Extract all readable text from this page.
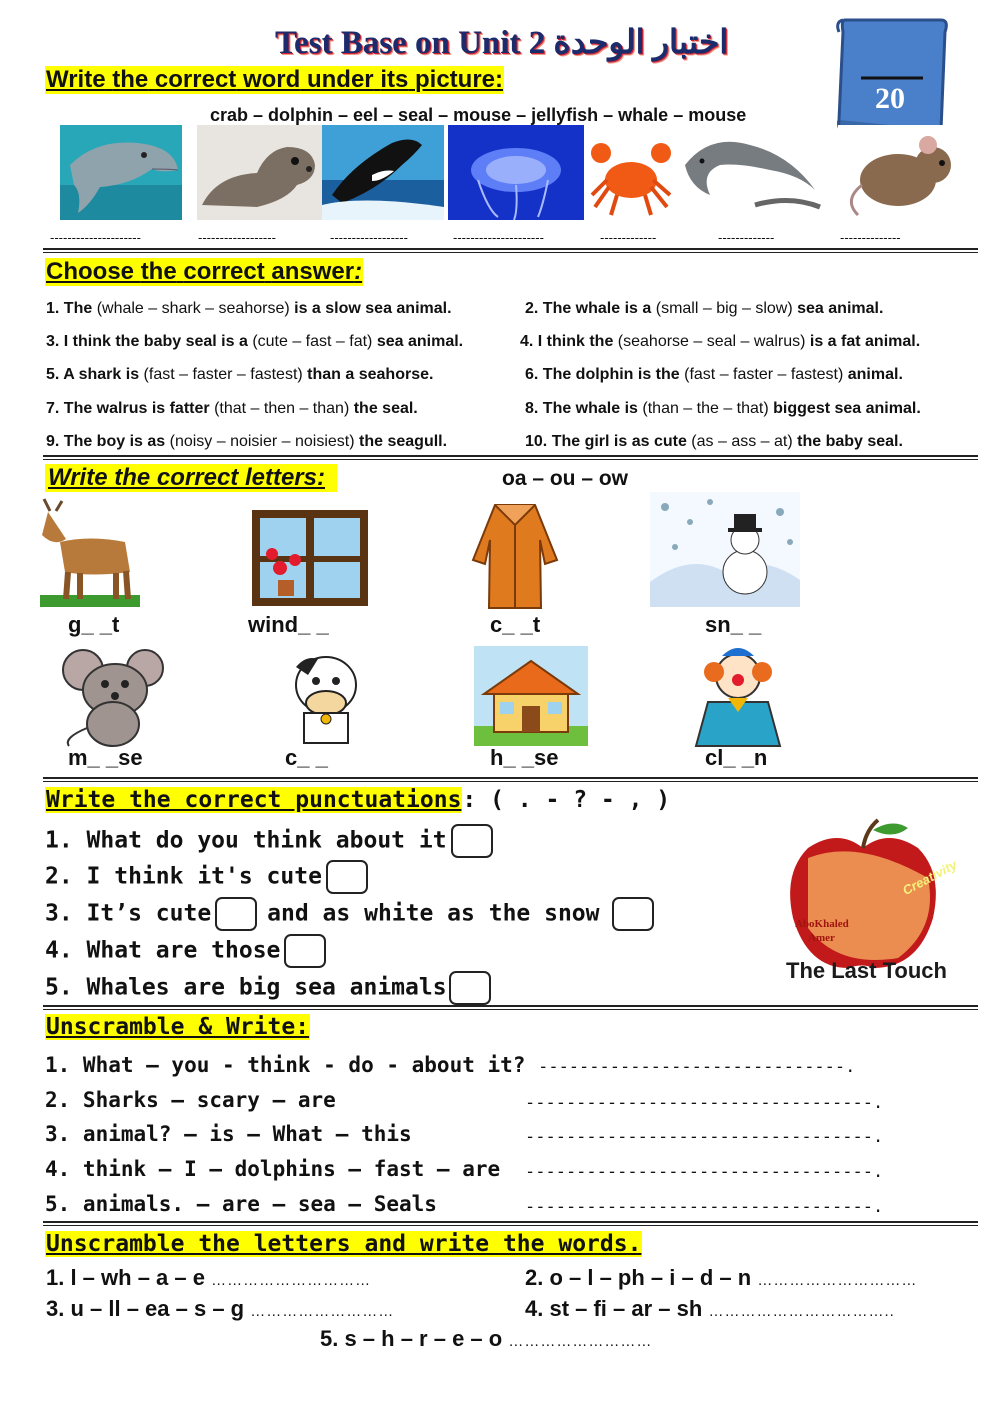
Test Base on Unit 2 اختبار الوحدة
20
Write the correct word under its picture:
crab – dolphin – eel – seal – mouse – jellyfish – whale – mouse
---------------------	------------------	------------------	---------------------	-------------	-------------	--------------
Choose the correct answer:
1. The (whale – shark – seahorse) is a slow sea animal.	2. The whale is a (small – big – slow) sea animal.
3. I think the baby seal is a (cute – fast – fat) sea animal.	4. I think the (seahorse – seal – walrus) is a fat animal.
5. A shark is (fast – faster – fastest) than a seahorse.	6. The dolphin is the (fast – faster – fastest) animal.
7. The walrus is fatter (that – then – than) the seal.	8. The whale is (than – the – that) biggest sea animal.
9. The boy is as (noisy – noisier – noisiest) the seagull.	10. The girl is as cute (as – ass – at) the baby seal.
Write the correct letters:	oa – ou – ow
g_ _t	wind_ _	c_ _t	sn_ _
m_ _se	c_ _	h_ _se	cl_ _n
Write the correct punctuations: ( . - ? - , )
1. What do you think about it
2. I think it's cute
3. It’s cute and as white as the snow
4. What are those
5. Whales are big sea animals
Creativity
AboKhaled
Amer
The Last Touch
Unscramble & Write:
1. What – you - think - do - about it? ------------------------------.
2. Sharks – scary – are	----------------------------------.
3. animal? – is – What – this	----------------------------------.
4. think – I – dolphins – fast – are ----------------------------------.
5. animals. – are – sea – Seals	----------------------------------.
Unscramble the letters and write the words.
1. l – wh – a – e …………………………	2. o – l – ph – i – d – n …………………………
3. u – ll – ea – s – g ………………………	4. st – fi – ar – sh ……………………………..
5. s – h – r – e – o ………………………
